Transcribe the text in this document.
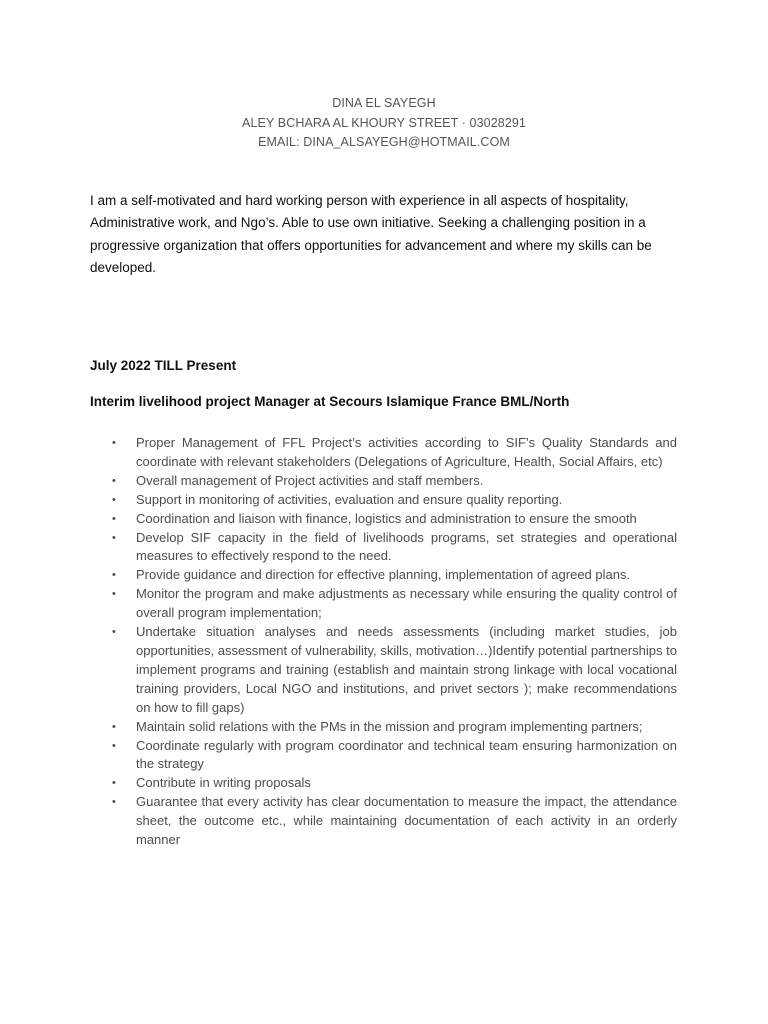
DINA EL SAYEGH
ALEY BCHARA AL KHOURY STREET · 03028291
EMAIL: DINA_ALSAYEGH@HOTMAIL.COM
I am a self-motivated and hard working person with experience in all aspects of hospitality, Administrative work, and Ngo’s. Able to use own initiative. Seeking a challenging position in a progressive organization that offers opportunities for advancement and where my skills can be developed.
July 2022 TILL Present
Interim livelihood project Manager at Secours Islamique France BML/North
•	Proper Management of FFL Project’s activities according to SIF’s Quality Standards and coordinate with relevant stakeholders (Delegations of Agriculture, Health, Social Affairs, etc)
•	Overall management of Project activities and staff members.
•	Support in monitoring of activities, evaluation and ensure quality reporting.
•	Coordination and liaison with finance, logistics and administration to ensure the smooth
•	Develop SIF capacity in the field of livelihoods programs, set strategies and operational measures to effectively respond to the need.
•	Provide guidance and direction for effective planning, implementation of agreed plans.
•	Monitor the program and make adjustments as necessary while ensuring the quality control of overall program implementation;
•	Undertake situation analyses and needs assessments (including market studies, job opportunities, assessment of vulnerability, skills, motivation…)Identify potential partnerships to implement programs and training (establish and maintain strong linkage with local vocational training providers, Local NGO and institutions, and privet sectors ); make recommendations on how to fill gaps)
•	Maintain solid relations with the PMs in the mission and program implementing partners;
•	Coordinate regularly with program coordinator and technical team ensuring harmonization on the strategy
•	Contribute in writing proposals
•	Guarantee that every activity has clear documentation to measure the impact, the attendance sheet, the outcome etc., while maintaining documentation of each activity in an orderly manner
